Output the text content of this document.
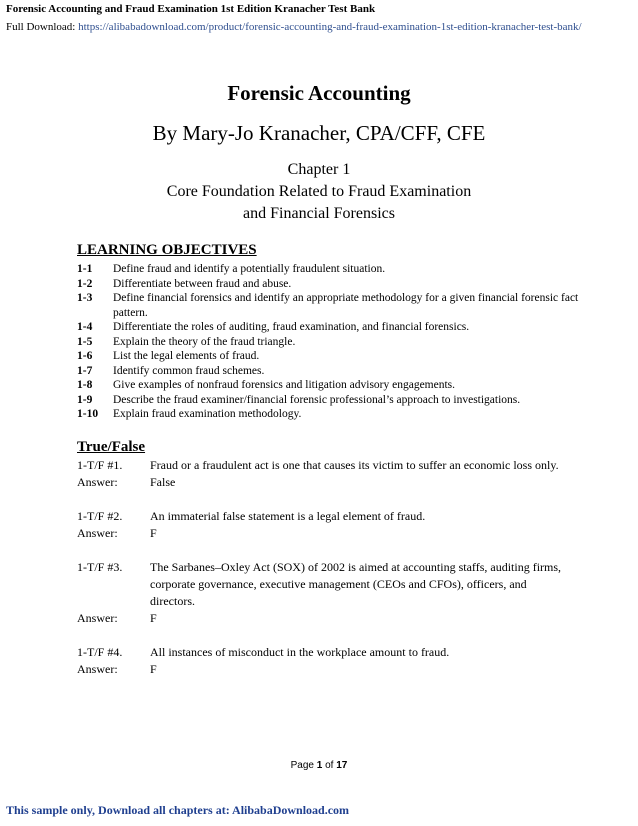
Forensic Accounting and Fraud Examination 1st Edition Kranacher Test Bank
Full Download: https://alibabadownload.com/product/forensic-accounting-and-fraud-examination-1st-edition-kranacher-test-bank/
Forensic Accounting
By Mary-Jo Kranacher, CPA/CFF, CFE
Chapter 1
Core Foundation Related to Fraud Examination
and Financial Forensics
LEARNING OBJECTIVES
1-1	Define fraud and identify a potentially fraudulent situation.
1-2	Differentiate between fraud and abuse.
1-3	Define financial forensics and identify an appropriate methodology for a given financial forensic fact pattern.
1-4	Differentiate the roles of auditing, fraud examination, and financial forensics.
1-5	Explain the theory of the fraud triangle.
1-6	List the legal elements of fraud.
1-7	Identify common fraud schemes.
1-8	Give examples of nonfraud forensics and litigation advisory engagements.
1-9	Describe the fraud examiner/financial forensic professional’s approach to investigations.
1-10	Explain fraud examination methodology.
True/False
1-T/F #1.	Fraud or a fraudulent act is one that causes its victim to suffer an economic loss only.
Answer:	False
1-T/F #2.	An immaterial false statement is a legal element of fraud.
Answer:	F
1-T/F #3.	The Sarbanes–Oxley Act (SOX) of 2002 is aimed at accounting staffs, auditing firms, corporate governance, executive management (CEOs and CFOs), officers, and directors.
Answer:	F
1-T/F #4.	All instances of misconduct in the workplace amount to fraud.
Answer:	F
Page 1 of 17
This sample only, Download all chapters at: AlibabaDownload.com
